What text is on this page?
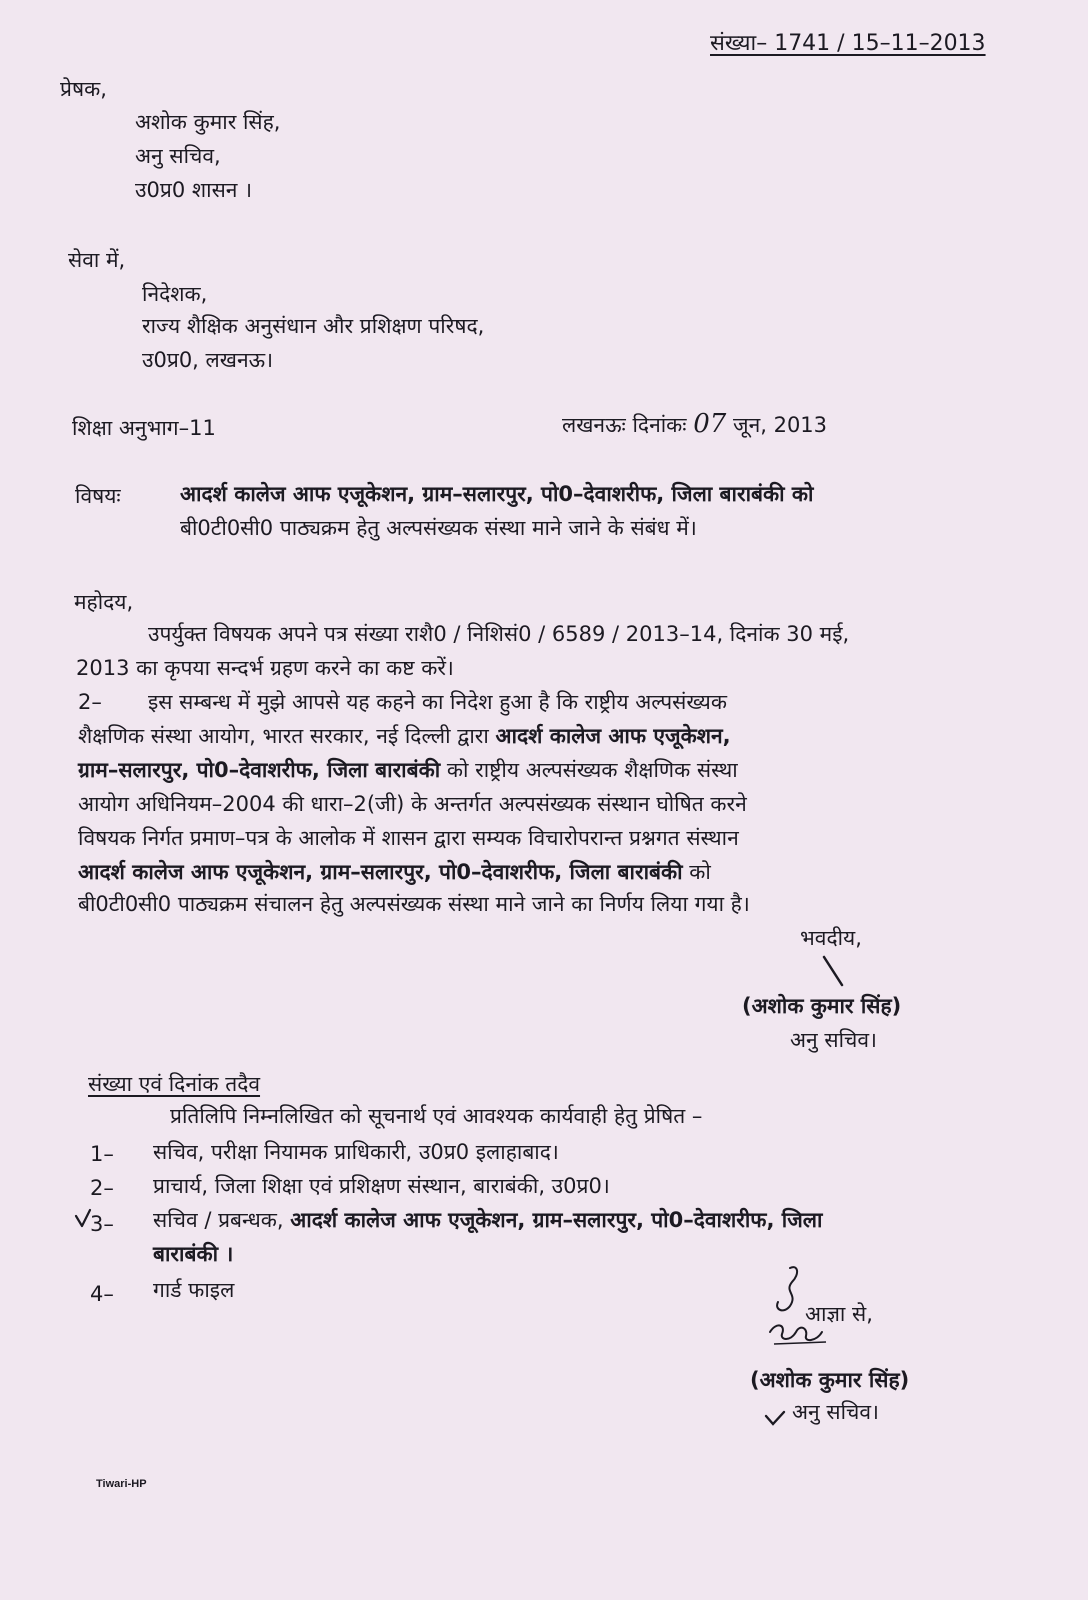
संख्या– 1741 / 15–11–2013
प्रेषक,
अशोक कुमार सिंह,
अनु सचिव,
उ0प्र0 शासन ।
सेवा में,
निदेशक,
राज्य शैक्षिक अनुसंधान और प्रशिक्षण परिषद,
उ0प्र0, लखनऊ।
शिक्षा अनुभाग–11	लखनऊः दिनांकः 07 जून, 2013
विषयः	आदर्श कालेज आफ एजूकेशन, ग्राम–सलारपुर, पो0–देवाशरीफ, जिला बाराबंकी को
बी0टी0सी0 पाठ्यक्रम हेतु अल्पसंख्यक संस्था माने जाने के संबंध में।
महोदय,
उपर्युक्त विषयक अपने पत्र संख्या राशै0 / निशिसं0 / 6589 / 2013–14, दिनांक 30 मई,
2013 का कृपया सन्दर्भ ग्रहण करने का कष्ट करें।
2– इस सम्बन्ध में मुझे आपसे यह कहने का निदेश हुआ है कि राष्ट्रीय अल्पसंख्यक
शैक्षणिक संस्था आयोग, भारत सरकार, नई दिल्ली द्वारा आदर्श कालेज आफ एजूकेशन,
ग्राम–सलारपुर, पो0–देवाशरीफ, जिला बाराबंकी को राष्ट्रीय अल्पसंख्यक शैक्षणिक संस्था
आयोग अधिनियम–2004 की धारा–2(जी) के अन्तर्गत अल्पसंख्यक संस्थान घोषित करने
विषयक निर्गत प्रमाण–पत्र के आलोक में शासन द्वारा सम्यक विचारोपरान्त प्रश्नगत संस्थान
आदर्श कालेज आफ एजूकेशन, ग्राम–सलारपुर, पो0–देवाशरीफ, जिला बाराबंकी को
बी0टी0सी0 पाठ्यक्रम संचालन हेतु अल्पसंख्यक संस्था माने जाने का निर्णय लिया गया है।
भवदीय,
(अशोक कुमार सिंह)
अनु सचिव।
संख्या एवं दिनांक तदैव
प्रतिलिपि निम्नलिखित को सूचनार्थ एवं आवश्यक कार्यवाही हेतु प्रेषित –
1– सचिव, परीक्षा नियामक प्राधिकारी, उ0प्र0 इलाहाबाद।
2– प्राचार्य, जिला शिक्षा एवं प्रशिक्षण संस्थान, बाराबंकी, उ0प्र0।
3– सचिव / प्रबन्धक, आदर्श कालेज आफ एजूकेशन, ग्राम–सलारपुर, पो0–देवाशरीफ, जिला
बाराबंकी ।
4– गार्ड फाइल
आज्ञा से,
(अशोक कुमार सिंह)
अनु सचिव।
Tiwari-HP
